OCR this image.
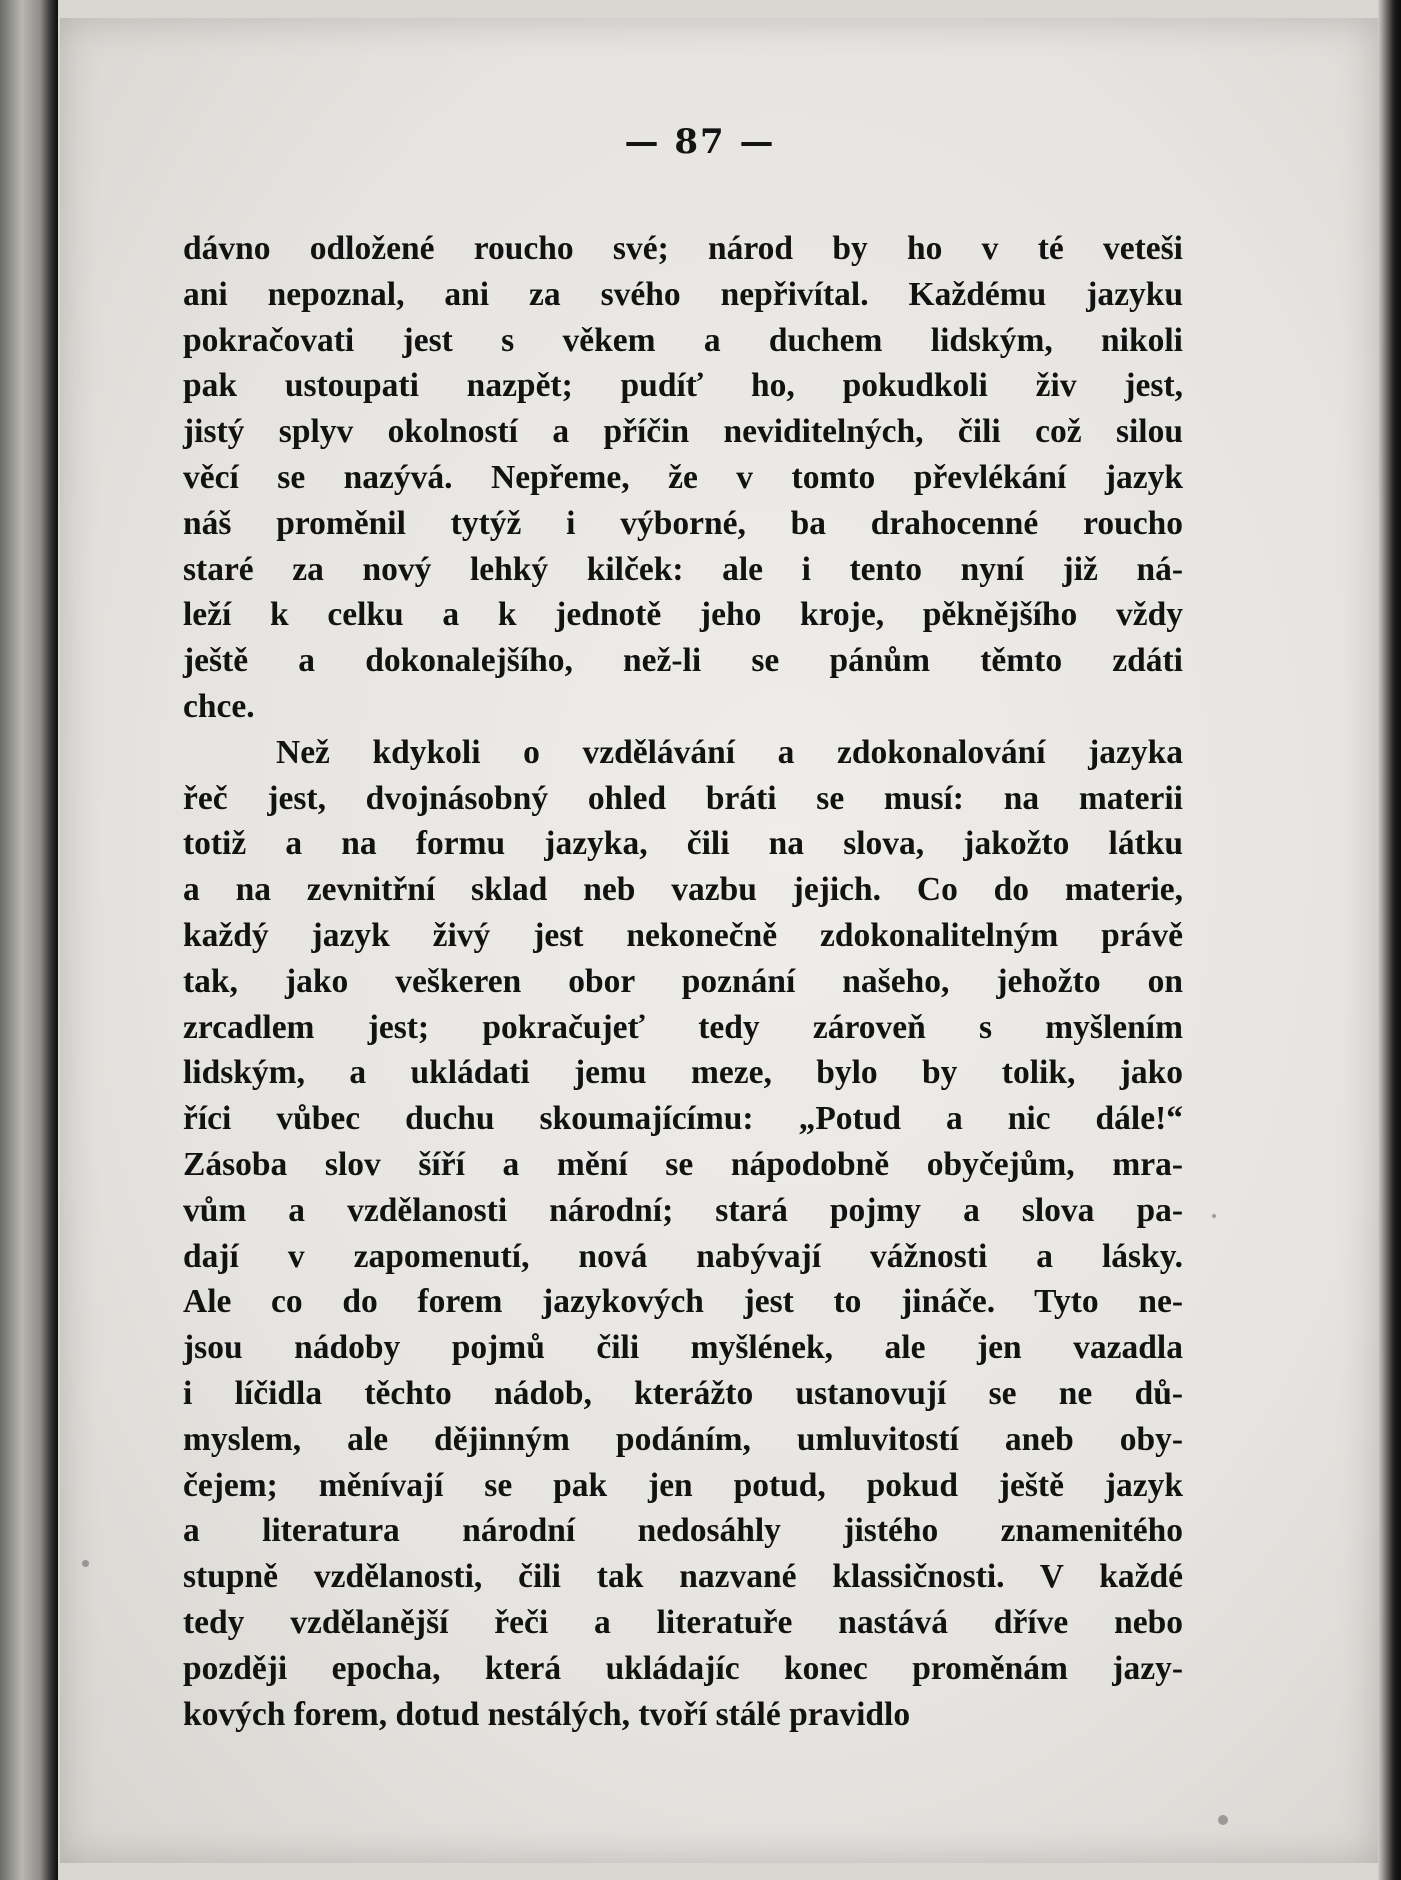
— 87 —
dávno odložené roucho své; národ by ho v té veteši
ani nepoznal, ani za svého nepřivítal. Každému jazyku
pokračovati jest s věkem a duchem lidským, nikoli
pak ustoupati nazpět; pudíť ho, pokudkoli živ jest,
jistý splyv okolností a příčin neviditelných, čili což silou
věcí se nazývá. Nepřeme, že v tomto převlékání jazyk
náš proměnil tytýž i výborné, ba drahocenné roucho
staré za nový lehký kilček: ale i tento nyní již ná-
leží k celku a k jednotě jeho kroje, pěknějšího vždy
ještě a dokonalejšího, než-li se pánům těmto zdáti
chce.
Než kdykoli o vzdělávání a zdokonalování jazyka
řeč jest, dvojnásobný ohled bráti se musí: na materii
totiž a na formu jazyka, čili na slova, jakožto látku
a na zevnitřní sklad neb vazbu jejich. Co do materie,
každý jazyk živý jest nekonečně zdokonalitelným právě
tak, jako veškeren obor poznání našeho, jehožto on
zrcadlem jest; pokračujeť tedy zároveň s myšlením
lidským, a ukládati jemu meze, bylo by tolik, jako
říci vůbec duchu skoumajícímu: „Potud a nic dále!“
Zásoba slov šíří a mění se nápodobně obyčejům, mra-
vům a vzdělanosti národní; stará pojmy a slova pa-
dají v zapomenutí, nová nabývají vážnosti a lásky.
Ale co do forem jazykových jest to jináče. Tyto ne-
jsou nádoby pojmů čili myšlének, ale jen vazadla
i líčidla těchto nádob, kterážto ustanovují se ne dů-
myslem, ale dějinným podáním, umluvitostí aneb oby-
čejem; měnívají se pak jen potud, pokud ještě jazyk
a literatura národní nedosáhly jistého znamenitého
stupně vzdělanosti, čili tak nazvané klassičnosti. V každé
tedy vzdělanější řeči a literatuře nastává dříve nebo
později epocha, která ukládajíc konec proměnám jazy-
kových forem, dotud nestálých, tvoří stálé pravidlo
